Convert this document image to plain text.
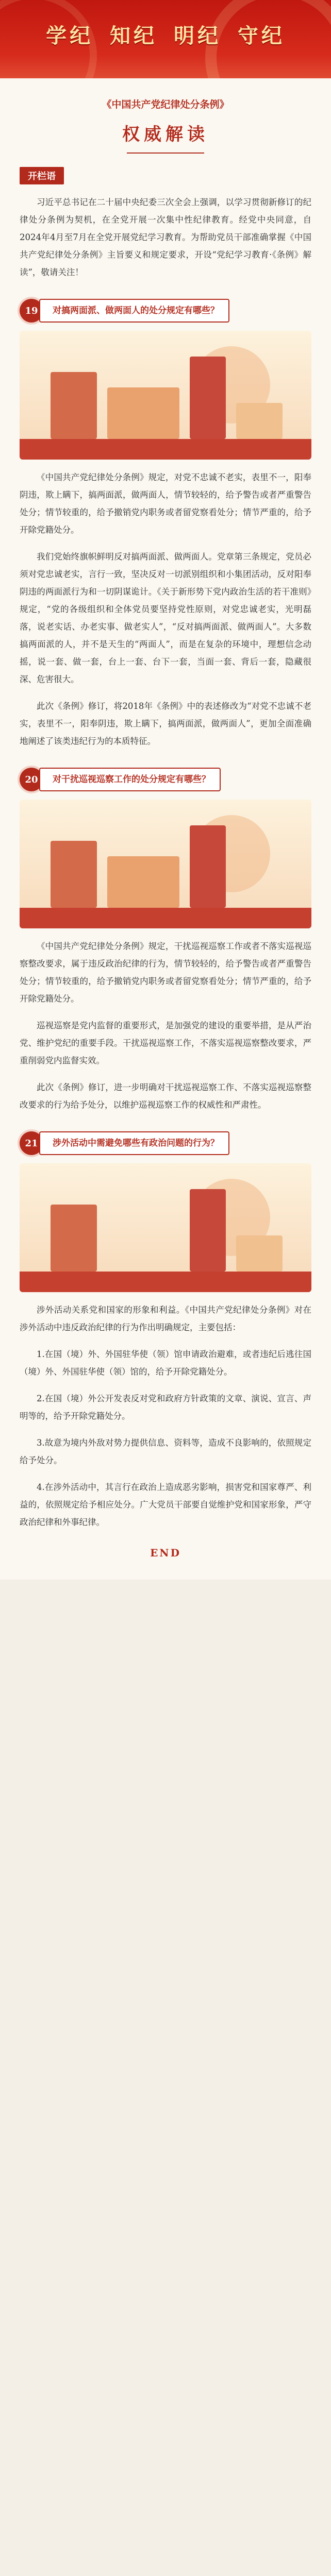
学纪 知纪 明纪 守纪
《中国共产党纪律处分条例》
权威解读
开栏语

习近平总书记在二十届中央纪委三次全会上强调，以学习贯彻新修订的纪律处分条例为契机，在全党开展一次集中性纪律教育。经党中央同意，自2024年4月至7月在全党开展党纪学习教育。为帮助党员干部准确掌握《中国共产党纪律处分条例》主旨要义和规定要求，开设“党纪学习教育·《条例》解读”，敬请关注！

19	对搞两面派、做两面人的处分规定有哪些？

《中国共产党纪律处分条例》规定，对党不忠诚不老实，表里不一，阳奉阴违，欺上瞒下，搞两面派，做两面人，情节较轻的，给予警告或者严重警告处分；情节较重的，给予撤销党内职务或者留党察看处分；情节严重的，给予开除党籍处分。

我们党始终旗帜鲜明反对搞两面派、做两面人。党章第三条规定，党员必须对党忠诚老实，言行一致，坚决反对一切派别组织和小集团活动，反对阳奉阴违的两面派行为和一切阴谋诡计。《关于新形势下党内政治生活的若干准则》规定，“党的各级组织和全体党员要坚持党性原则，对党忠诚老实，光明磊落，说老实话、办老实事、做老实人”，“反对搞两面派、做两面人”。大多数搞两面派的人，并不是天生的“两面人”，而是在复杂的环境中，理想信念动摇，说一套、做一套，台上一套、台下一套，当面一套、背后一套，隐藏很深、危害很大。

此次《条例》修订，将2018年《条例》中的表述修改为“对党不忠诚不老实，表里不一，阳奉阴违，欺上瞒下，搞两面派，做两面人”，更加全面准确地阐述了该类违纪行为的本质特征。

20	对干扰巡视巡察工作的处分规定有哪些？

《中国共产党纪律处分条例》规定，干扰巡视巡察工作或者不落实巡视巡察整改要求，属于违反政治纪律的行为，情节较轻的，给予警告或者严重警告处分；情节较重的，给予撤销党内职务或者留党察看处分；情节严重的，给予开除党籍处分。

巡视巡察是党内监督的重要形式，是加强党的建设的重要举措，是从严治党、维护党纪的重要手段。干扰巡视巡察工作，不落实巡视巡察整改要求，严重削弱党内监督实效。

此次《条例》修订，进一步明确对干扰巡视巡察工作、不落实巡视巡察整改要求的行为给予处分，以维护巡视巡察工作的权威性和严肃性。

21	涉外活动中需避免哪些有政治问题的行为？

涉外活动关系党和国家的形象和利益。《中国共产党纪律处分条例》对在涉外活动中违反政治纪律的行为作出明确规定，主要包括：

1.在国（境）外、外国驻华使（领）馆申请政治避难，或者违纪后逃往国（境）外、外国驻华使（领）馆的，给予开除党籍处分。

2.在国（境）外公开发表反对党和政府方针政策的文章、演说、宣言、声明等的，给予开除党籍处分。

3.故意为境内外敌对势力提供信息、资料等，造成不良影响的，依照规定给予处分。

4.在涉外活动中，其言行在政治上造成恶劣影响，损害党和国家尊严、利益的，依照规定给予相应处分。广大党员干部要自觉维护党和国家形象，严守政治纪律和外事纪律。

END
